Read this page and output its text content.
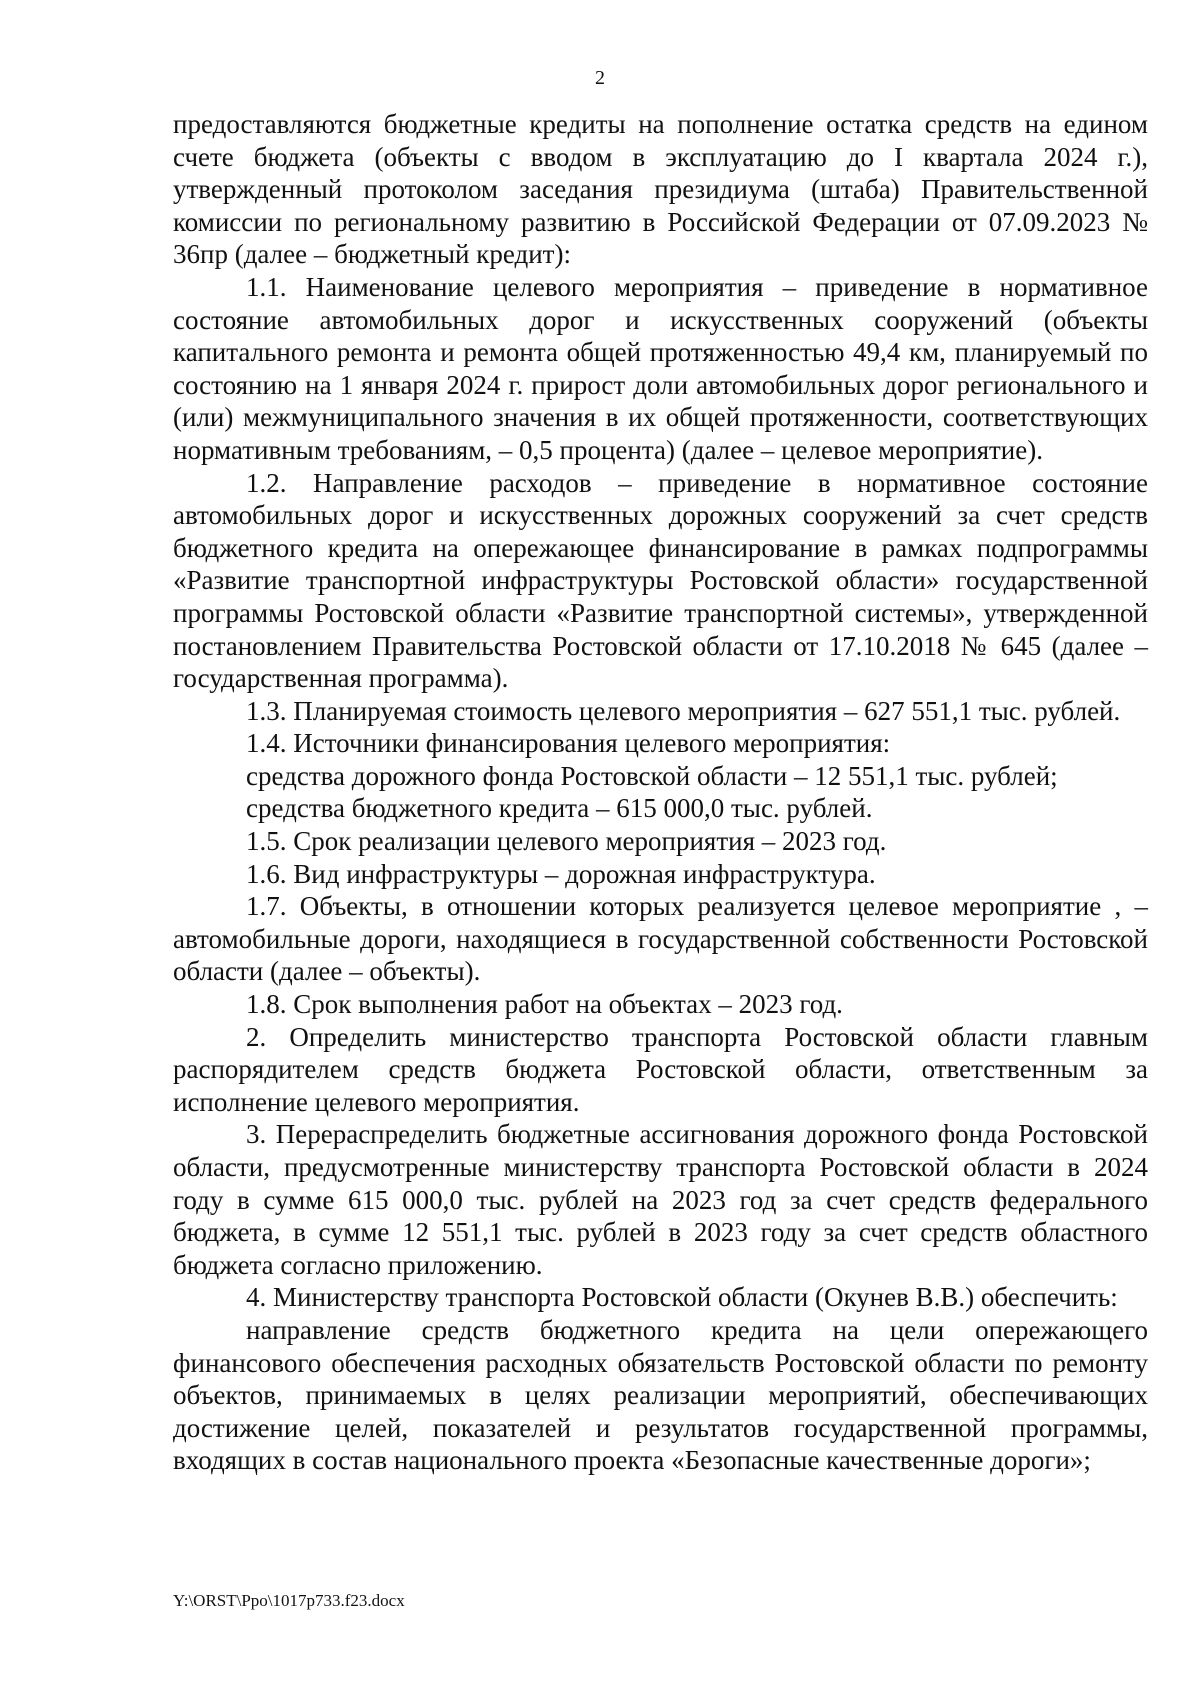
2

предоставляются бюджетные кредиты на пополнение остатка средств на едином счете бюджета (объекты с вводом в эксплуатацию до I квартала 2024 г.), утвержденный протоколом заседания президиума (штаба) Правительственной комиссии по региональному развитию в Российской Федерации от 07.09.2023 № 36пр (далее – бюджетный кредит):

1.1. Наименование целевого мероприятия – приведение в нормативное состояние автомобильных дорог и искусственных сооружений (объекты капитального ремонта и ремонта общей протяженностью 49,4 км, планируемый по состоянию на 1 января 2024 г. прирост доли автомобильных дорог регионального и (или) межмуниципального значения в их общей протяженности, соответствующих нормативным требованиям, – 0,5 процента) (далее – целевое мероприятие).

1.2. Направление расходов – приведение в нормативное состояние автомобильных дорог и искусственных дорожных сооружений за счет средств бюджетного кредита на опережающее финансирование в рамках подпрограммы «Развитие транспортной инфраструктуры Ростовской области» государственной программы Ростовской области «Развитие транспортной системы», утвержденной постановлением Правительства Ростовской области от 17.10.2018 № 645 (далее – государственная программа).

1.3. Планируемая стоимость целевого мероприятия – 627 551,1 тыс. рублей.

1.4. Источники финансирования целевого мероприятия:

средства дорожного фонда Ростовской области – 12 551,1 тыс. рублей;

средства бюджетного кредита – 615 000,0 тыс. рублей.

1.5. Срок реализации целевого мероприятия – 2023 год.

1.6. Вид инфраструктуры – дорожная инфраструктура.

1.7. Объекты, в отношении которых реализуется целевое мероприятие , – автомобильные дороги, находящиеся в государственной собственности Ростовской области (далее – объекты).

1.8. Срок выполнения работ на объектах – 2023 год.

2. Определить министерство транспорта Ростовской области главным распорядителем средств бюджета Ростовской области, ответственным за исполнение целевого мероприятия.

3. Перераспределить бюджетные ассигнования дорожного фонда Ростовской области, предусмотренные министерству транспорта Ростовской области в 2024 году в сумме 615 000,0 тыс. рублей на 2023 год за счет средств федерального бюджета, в сумме 12 551,1 тыс. рублей в 2023 году за счет средств областного бюджета согласно приложению.

4. Министерству транспорта Ростовской области (Окунев В.В.) обеспечить:

направление средств бюджетного кредита на цели опережающего финансового обеспечения расходных обязательств Ростовской области по ремонту объектов, принимаемых в целях реализации мероприятий, обеспечивающих достижение целей, показателей и результатов государственной программы, входящих в состав национального проекта «Безопасные качественные дороги»;

Y:\ORST\Ppo\1017p733.f23.docx
